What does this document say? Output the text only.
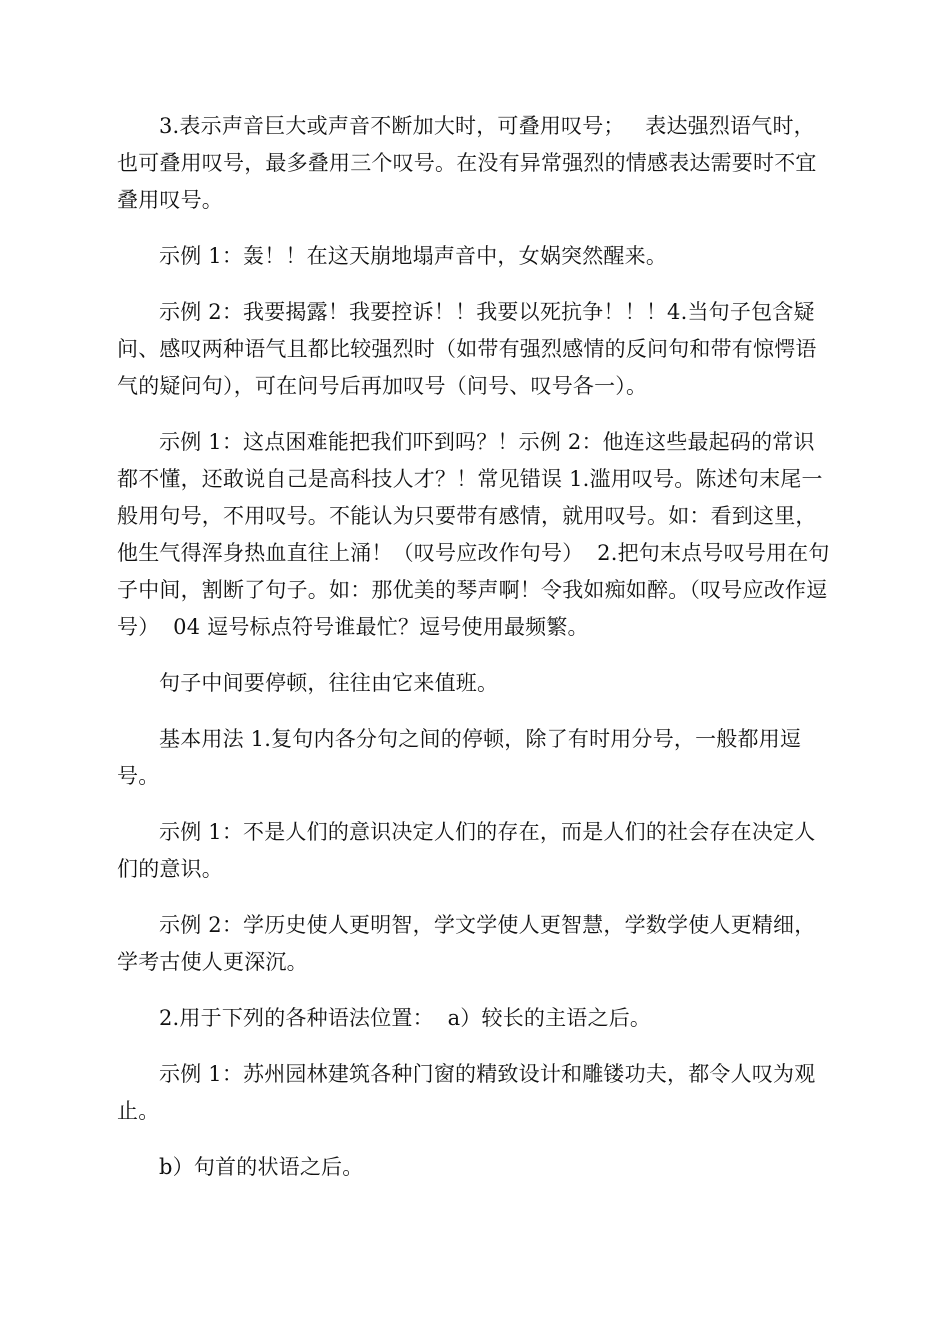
3.表示声音巨大或声音不断加大时，可叠用叹号；   表达强烈语气时，也可叠用叹号，最多叠用三个叹号。在没有异常强烈的情感表达需要时不宜叠用叹号。

示例 1：轰！！在这天崩地塌声音中，女娲突然醒来。

示例 2：我要揭露！我要控诉！！我要以死抗争！！！4.当句子包含疑问、感叹两种语气且都比较强烈时（如带有强烈感情的反问句和带有惊愕语气的疑问句），可在问号后再加叹号（问号、叹号各一）。

示例 1：这点困难能把我们吓到吗？！示例 2：他连这些最起码的常识都不懂，还敢说自己是高科技人才？！常见错误 1.滥用叹号。陈述句末尾一般用句号，不用叹号。不能认为只要带有感情，就用叹号。如：看到这里，他生气得浑身热血直往上涌！（叹号应改作句号）  2.把句末点号叹号用在句子中间，割断了句子。如：那优美的琴声啊！令我如痴如醉。（叹号应改作逗号）  04 逗号标点符号谁最忙？逗号使用最频繁。

句子中间要停顿，往往由它来值班。

基本用法 1.复句内各分句之间的停顿，除了有时用分号，一般都用逗号。

示例 1：不是人们的意识决定人们的存在，而是人们的社会存在决定人们的意识。

示例 2：学历史使人更明智，学文学使人更智慧，学数学使人更精细，学考古使人更深沉。

2.用于下列的各种语法位置：  a）较长的主语之后。

示例 1：苏州园林建筑各种门窗的精致设计和雕镂功夫，都令人叹为观止。

b）句首的状语之后。
